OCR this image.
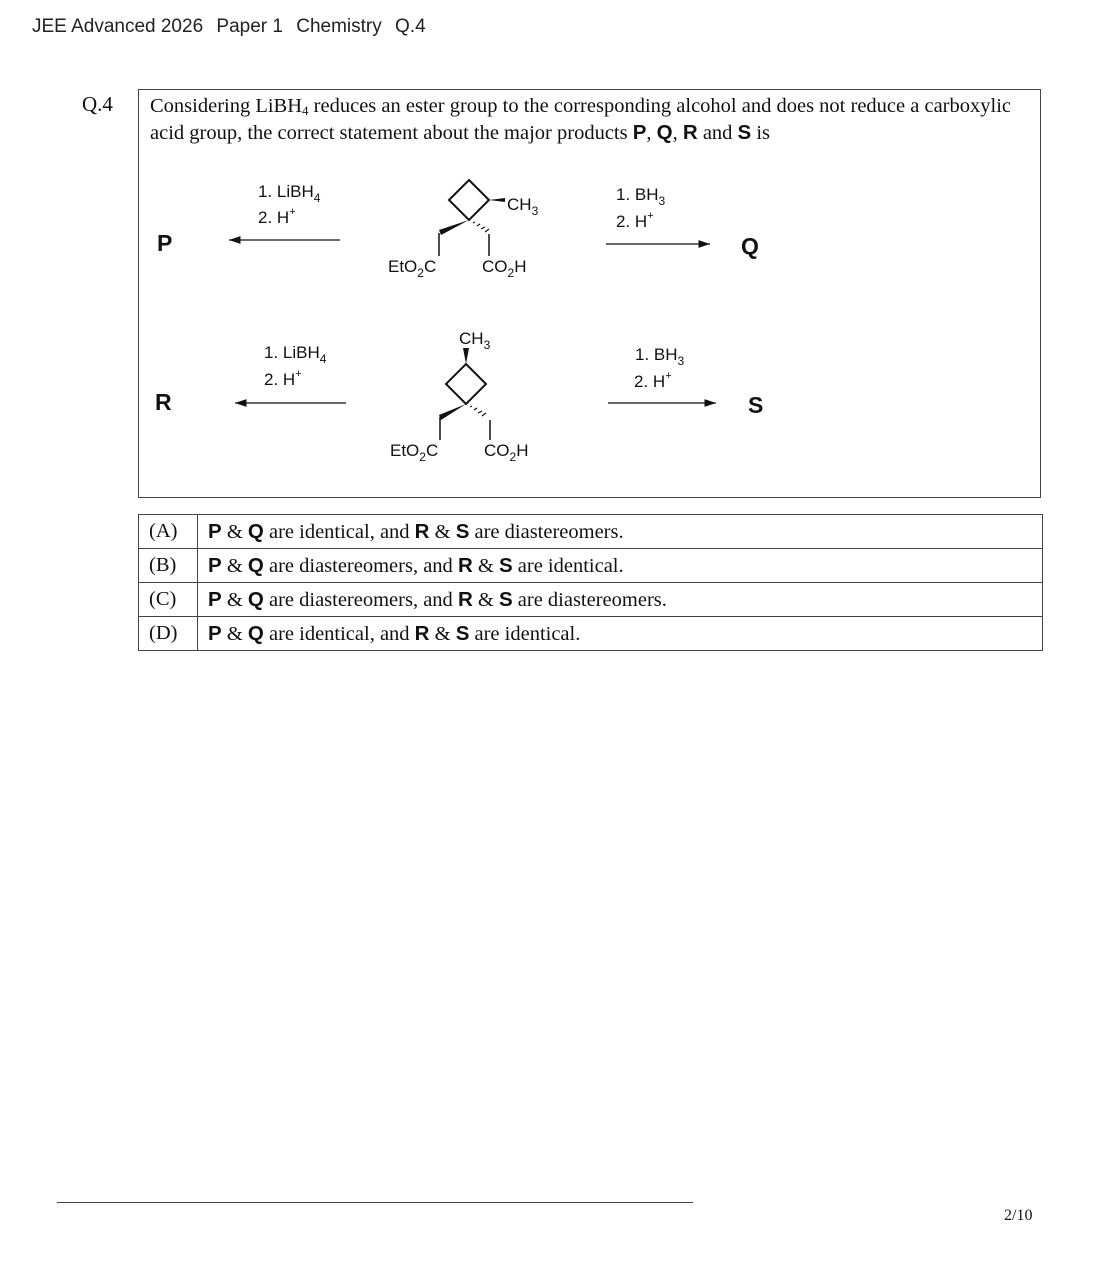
JEE Advanced 2026 Paper 1 Chemistry Q.4
Q.4 Considering LiBH$_4$ reduces an ester group to the corresponding alcohol and does not reduce a carboxylic acid group, the correct statement about the major products P, Q, R and S is
P
1. LiBH$_4$
2. H+	$CH_3$
EtO$_2$C	$CO_2H$
1. $BH_3$
2. H+
Q
R
1. LiBH$_4$
2. H+
$CH_3$
EtO$_2$C	$CO_2H$
1. $BH_3$
2. H+
S
(A)	P & Q are identical, and R & S are diastereomers.
(B)	P & Q are diastereomers, and R & S are identical.
(C)	P & Q are diastereomers, and R & S are diastereomers.
(D)	P & Q are identical, and R & S are identical.
2/10
